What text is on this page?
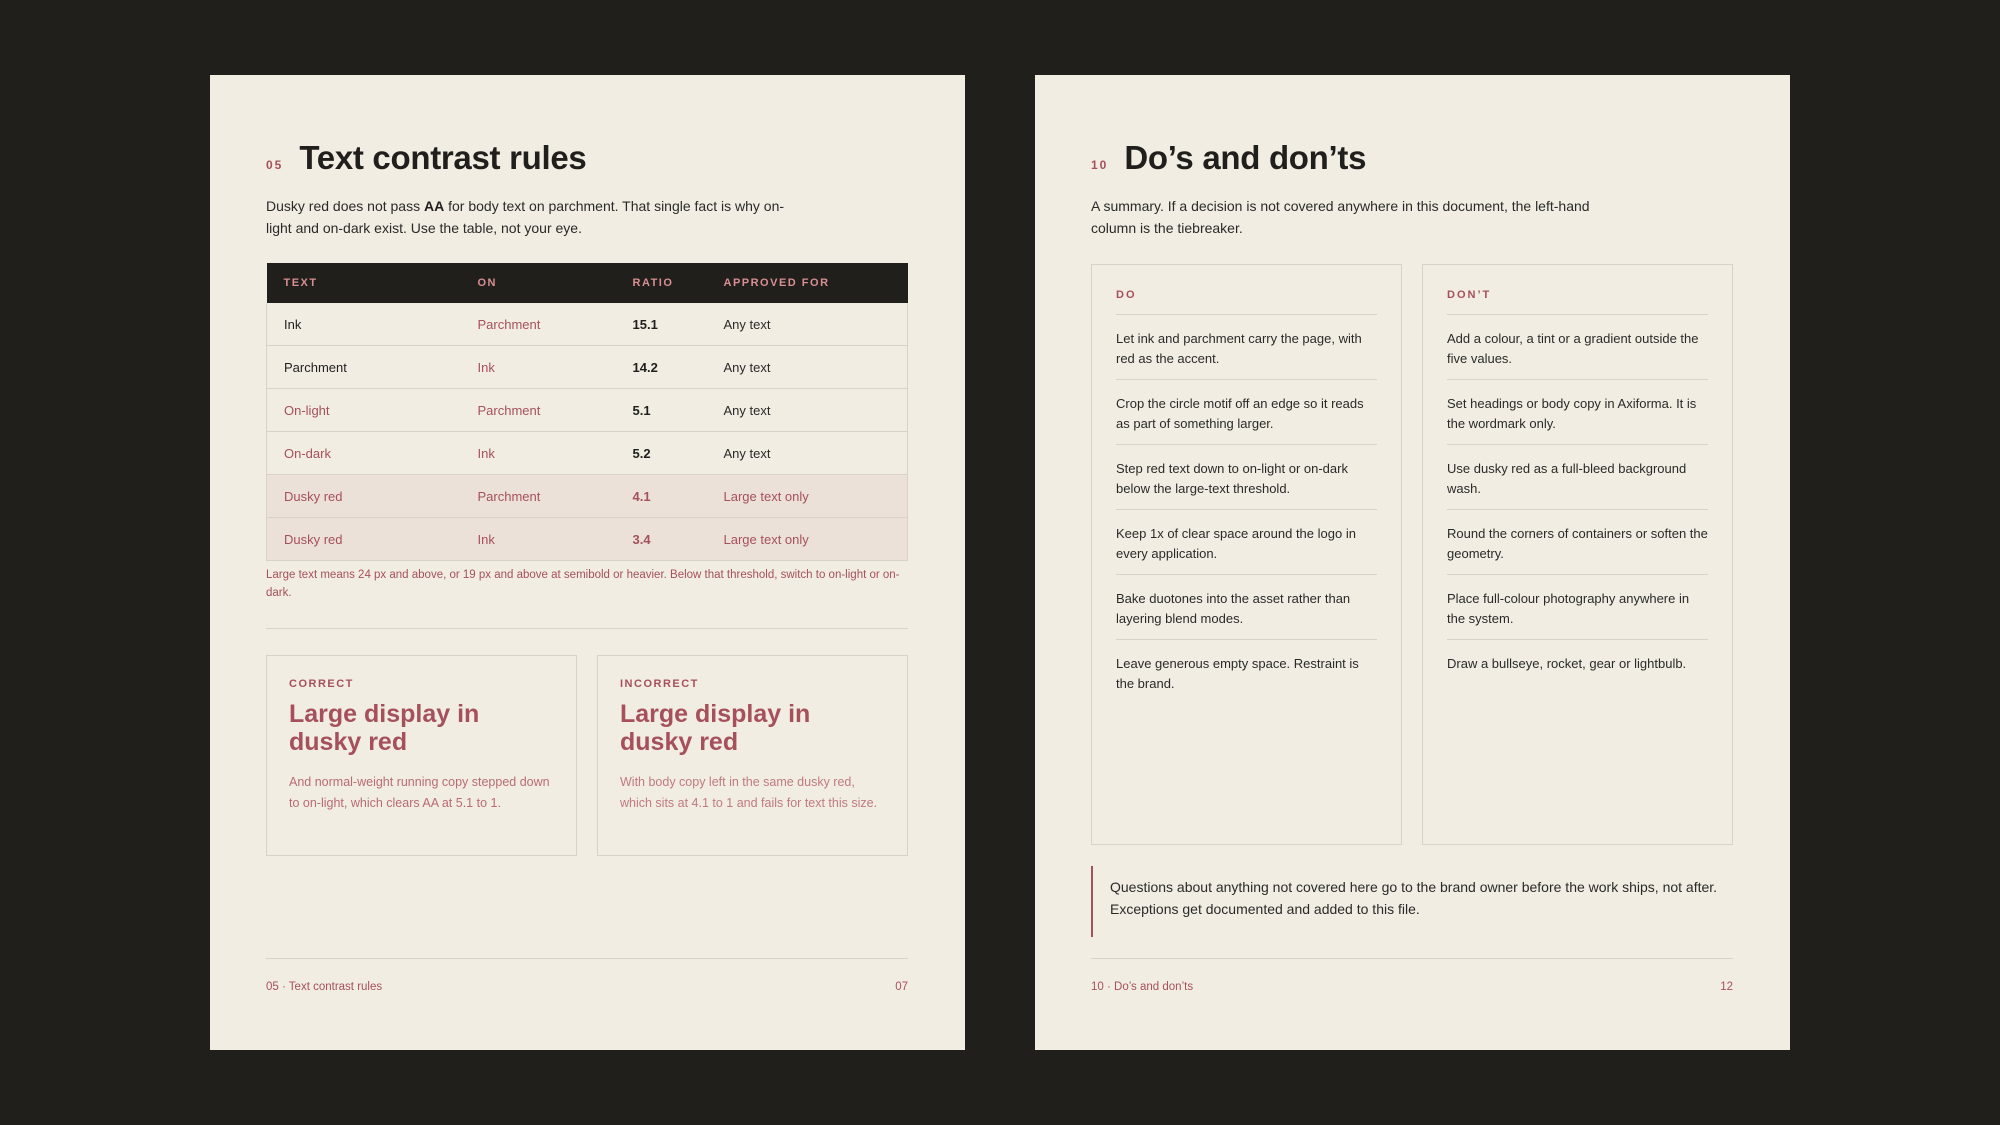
05 Text contrast rules
Dusky red does not pass AA for body text on parchment. That single fact is why on-light and on-dark exist. Use the table, not your eye.
TEXT	ON	RATIO	APPROVED FOR
Ink	Parchment	15.1	Any text
Parchment	Ink	14.2	Any text
On-light	Parchment	5.1	Any text
On-dark	Ink	5.2	Any text
Dusky red	Parchment	4.1	Large text only
Dusky red	Ink	3.4	Large text only
Large text means 24 px and above, or 19 px and above at semibold or heavier. Below that threshold, switch to on-light or on-dark.
CORRECT
Large display in dusky red
And normal-weight running copy stepped down to on-light, which clears AA at 5.1 to 1.
INCORRECT
Large display in dusky red
With body copy left in the same dusky red, which sits at 4.1 to 1 and fails for text this size.
05 · Text contrast rules	07
10 Do’s and don’ts
A summary. If a decision is not covered anywhere in this document, the left-hand column is the tiebreaker.
DO
Let ink and parchment carry the page, with red as the accent.
Crop the circle motif off an edge so it reads as part of something larger.
Step red text down to on-light or on-dark below the large-text threshold.
Keep 1x of clear space around the logo in every application.
Bake duotones into the asset rather than layering blend modes.
Leave generous empty space. Restraint is the brand.
DON’T
Add a colour, a tint or a gradient outside the five values.
Set headings or body copy in Axiforma. It is the wordmark only.
Use dusky red as a full-bleed background wash.
Round the corners of containers or soften the geometry.
Place full-colour photography anywhere in the system.
Draw a bullseye, rocket, gear or lightbulb.
Questions about anything not covered here go to the brand owner before the work ships, not after. Exceptions get documented and added to this file.
10 · Do’s and don’ts	12
